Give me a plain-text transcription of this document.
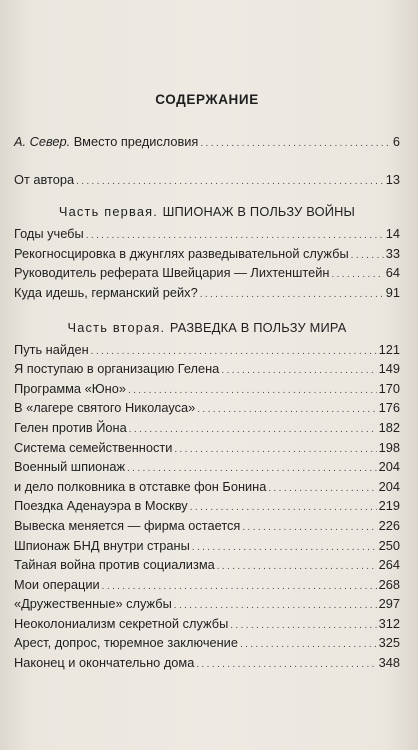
СОДЕРЖАНИЕ
А. Север. Вместо предисловия . . .	6
От автора . . .	13
Часть первая. ШПИОНАЖ В ПОЛЬЗУ ВОЙНЫ
Годы учебы . . .	14
Рекогносцировка в джунглях разведывательной службы . . .	33
Руководитель реферата Швейцария — Лихтенштейн . . .	64
Куда идешь, германский рейх? . . .	91
Часть вторая. РАЗВЕДКА В ПОЛЬЗУ МИРА
Путь найден . . .	121
Я поступаю в организацию Гелена . . .	149
Программа «Юно» . . .	170
В «лагере святого Николауса» . . .	176
Гелен против Йона . . .	182
Система семейственности . . .	198
Военный шпионаж . . .	204
и дело полковника в отставке фон Бонина . . .	204
Поездка Аденауэра в Москву . . .	219
Вывеска меняется — фирма остается . . .	226
Шпионаж БНД внутри страны . . .	250
Тайная война против социализма . . .	264
Мои операции . . .	268
«Дружественные» службы . . .	297
Неоколониализм секретной службы . . .	312
Арест, допрос, тюремное заключение . . .	325
Наконец и окончательно дома . . .	348
